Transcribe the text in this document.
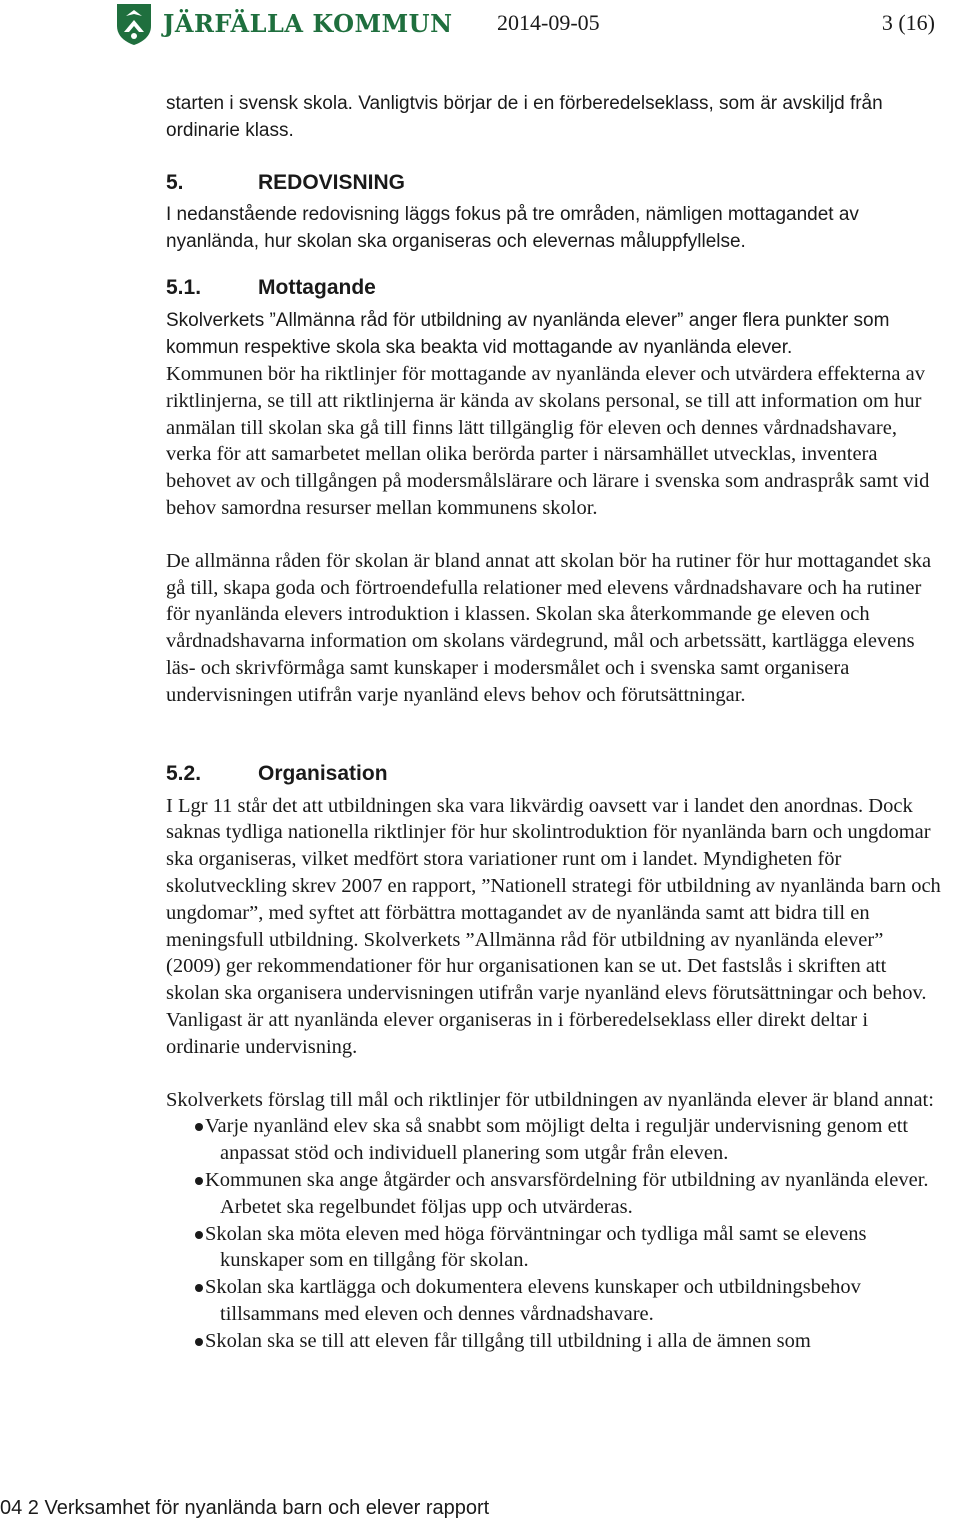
JÄRFÄLLA KOMMUN 2014-09-05	3 (16)

starten i svensk skola. Vanligtvis börjar de i en förberedelseklass, som är avskiljd från ordinarie klass.

5.	REDOVISNING

I nedanstående redovisning läggs fokus på tre områden, nämligen mottagandet av nyanlända, hur skolan ska organiseras och elevernas måluppfyllelse.

5.1.	Mottagande

Skolverkets ”Allmänna råd för utbildning av nyanlända elever” anger flera punkter som kommun respektive skola ska beakta vid mottagande av nyanlända elever.

Kommunen bör ha riktlinjer för mottagande av nyanlända elever och utvärdera effekterna av riktlinjerna, se till att riktlinjerna är kända av skolans personal, se till att information om hur anmälan till skolan ska gå till finns lätt tillgänglig för eleven och dennes vårdnadshavare, verka för att samarbetet mellan olika berörda parter i närsamhället utvecklas, inventera behovet av och tillgången på modersmålslärare och lärare i svenska som andraspråk samt vid behov samordna resurser mellan kommunens skolor.

De allmänna råden för skolan är bland annat att skolan bör ha rutiner för hur mottagandet ska gå till, skapa goda och förtroendefulla relationer med elevens vårdnadshavare och ha rutiner för nyanlända elevers introduktion i klassen. Skolan ska återkommande ge eleven och vårdnadshavarna information om skolans värdegrund, mål och arbetssätt, kartlägga elevens läs- och skrivförmåga samt kunskaper i modersmålet och i svenska samt organisera undervisningen utifrån varje nyanländ elevs behov och förutsättningar.

5.2.	Organisation

I Lgr 11 står det att utbildningen ska vara likvärdig oavsett var i landet den anordnas. Dock saknas tydliga nationella riktlinjer för hur skolintroduktion för nyanlända barn och ungdomar ska organiseras, vilket medfört stora variationer runt om i landet. Myndigheten för skolutveckling skrev 2007 en rapport, ”Nationell strategi för utbildning av nyanlända barn och ungdomar”, med syftet att förbättra mottagandet av de nyanlända samt att bidra till en meningsfull utbildning. Skolverkets ”Allmänna råd för utbildning av nyanlända elever” (2009) ger rekommendationer för hur organisationen kan se ut. Det fastslås i skriften att skolan ska organisera undervisningen utifrån varje nyanländ elevs förutsättningar och behov. Vanligast är att nyanlända elever organiseras in i förberedelseklass eller direkt deltar i ordinarie undervisning.

Skolverkets förslag till mål och riktlinjer för utbildningen av nyanlända elever är bland annat:

Varje nyanländ elev ska så snabbt som möjligt delta i reguljär undervisning genom ett anpassat stöd och individuell planering som utgår från eleven.
Kommunen ska ange åtgärder och ansvarsfördelning för utbildning av nyanlända elever. Arbetet ska regelbundet följas upp och utvärderas.
Skolan ska möta eleven med höga förväntningar och tydliga mål samt se elevens kunskaper som en tillgång för skolan.
Skolan ska kartlägga och dokumentera elevens kunskaper och utbildningsbehov tillsammans med eleven och dennes vårdnadshavare.
Skolan ska se till att eleven får tillgång till utbildning i alla de ämnen som
04 2 Verksamhet för nyanlända barn och elever rapport
